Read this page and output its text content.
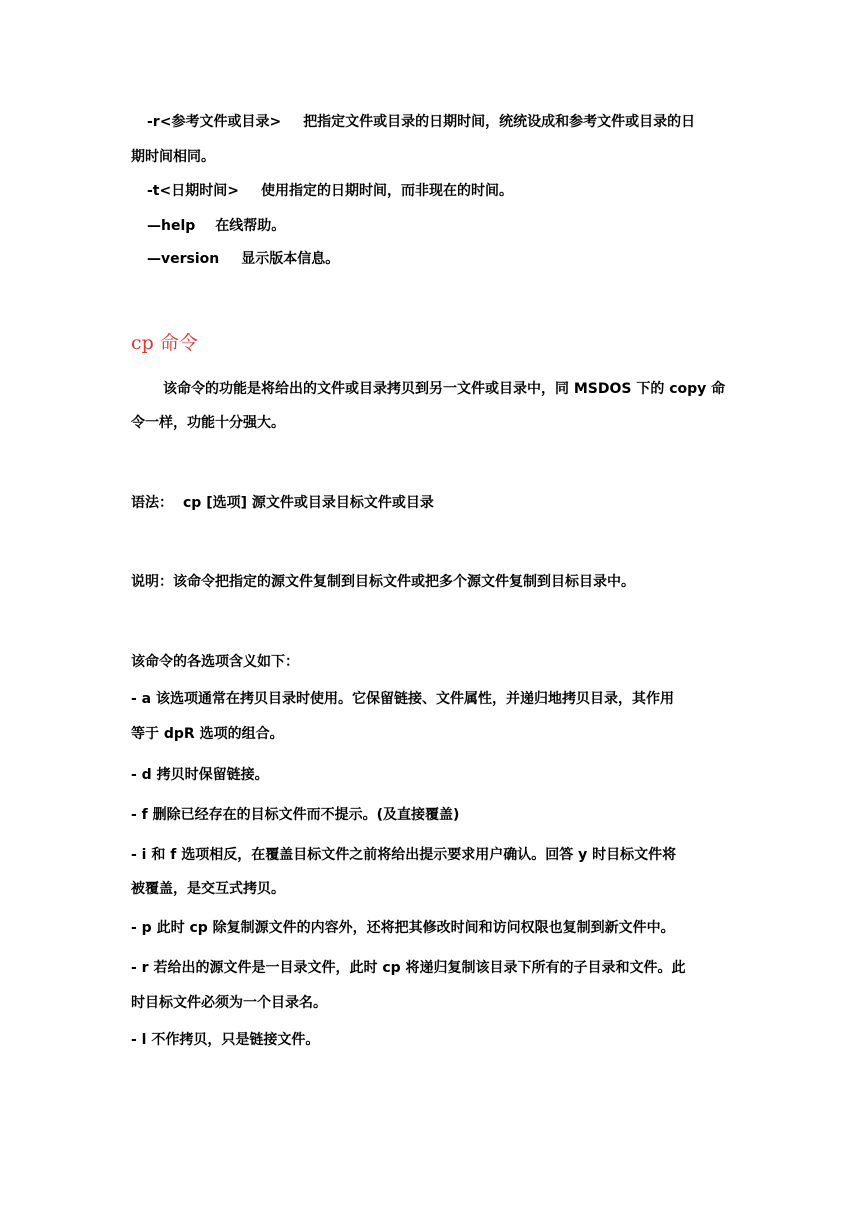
-r<参考文件或目录> 把指定文件或目录的日期时间，统统设成和参考文件或目录的日
期时间相同。
-t<日期时间> 使用指定的日期时间，而非现在的时间。
—help 在线帮助。
—version 显示版本信息。
cp 命令
该命令的功能是将给出的文件或目录拷贝到另一文件或目录中，同 MSDOS 下的 copy 命
令一样，功能十分强大。
语法： cp [选项] 源文件或目录目标文件或目录
说明：该命令把指定的源文件复制到目标文件或把多个源文件复制到目标目录中。
该命令的各选项含义如下：
- a 该选项通常在拷贝目录时使用。它保留链接、文件属性，并递归地拷贝目录，其作用
等于 dpR 选项的组合。
- d 拷贝时保留链接。
- f 删除已经存在的目标文件而不提示。(及直接覆盖)
- i 和 f 选项相反，在覆盖目标文件之前将给出提示要求用户确认。回答 y 时目标文件将
被覆盖，是交互式拷贝。
- p 此时 cp 除复制源文件的内容外，还将把其修改时间和访问权限也复制到新文件中。
- r 若给出的源文件是一目录文件，此时 cp 将递归复制该目录下所有的子目录和文件。此
时目标文件必须为一个目录名。
- l 不作拷贝，只是链接文件。
